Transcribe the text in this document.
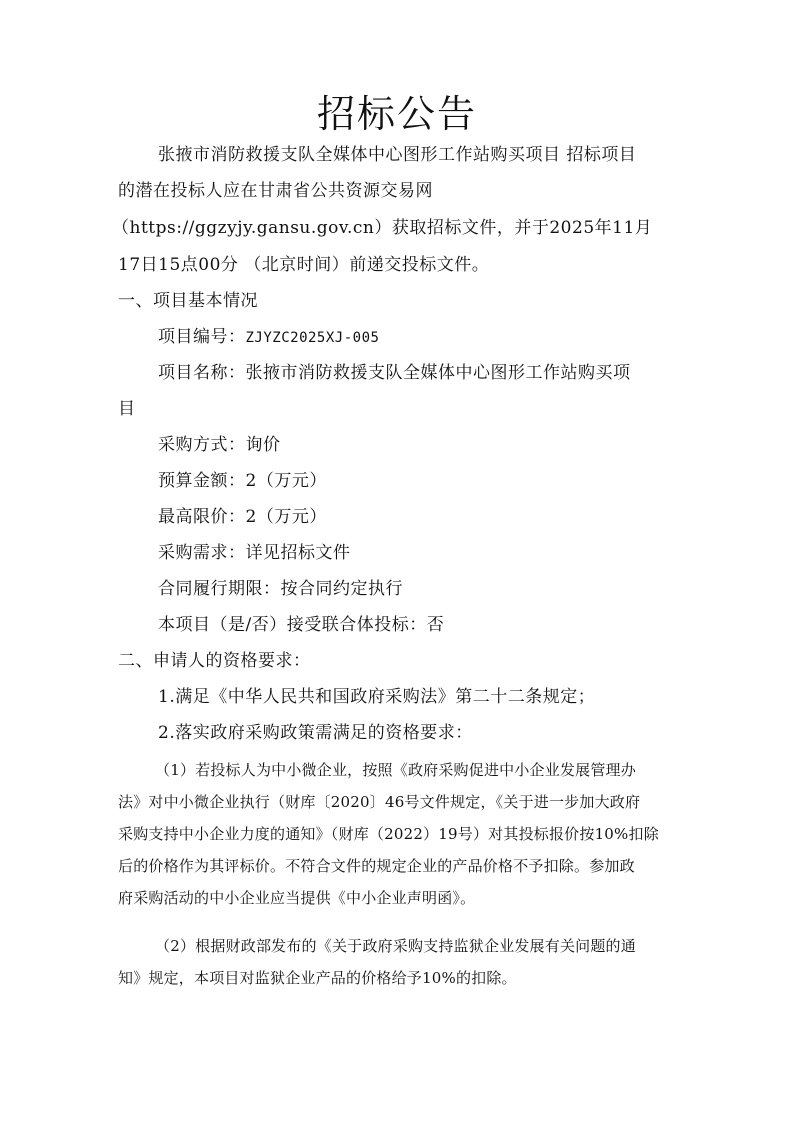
招标公告
张掖市消防救援支队全媒体中心图形工作站购买项目 招标项目
的潜在投标人应在甘肃省公共资源交易网
（https://ggzyjy.gansu.gov.cn）获取招标文件，并于2025年11月
17日15点00分 （北京时间）前递交投标文件。
一、项目基本情况
项目编号：ZJYZC2025XJ-005
项目名称：张掖市消防救援支队全媒体中心图形工作站购买项
目
采购方式：询价
预算金额：2（万元）
最高限价：2（万元）
采购需求：详见招标文件
合同履行期限：按合同约定执行
本项目（是/否）接受联合体投标：否
二、申请人的资格要求：
1.满足《中华人民共和国政府采购法》第二十二条规定；
2.落实政府采购政策需满足的资格要求：
（1）若投标人为中小微企业，按照《政府采购促进中小企业发展管理办
法》对中小微企业执行（财库〔2020〕46号文件规定，《关于进一步加大政府
采购支持中小企业力度的通知》（财库（2022）19号）对其投标报价按10%扣除
后的价格作为其评标价。不符合文件的规定企业的产品价格不予扣除。参加政
府采购活动的中小企业应当提供《中小企业声明函》。
（2）根据财政部发布的《关于政府采购支持监狱企业发展有关问题的通
知》规定，本项目对监狱企业产品的价格给予10%的扣除。
